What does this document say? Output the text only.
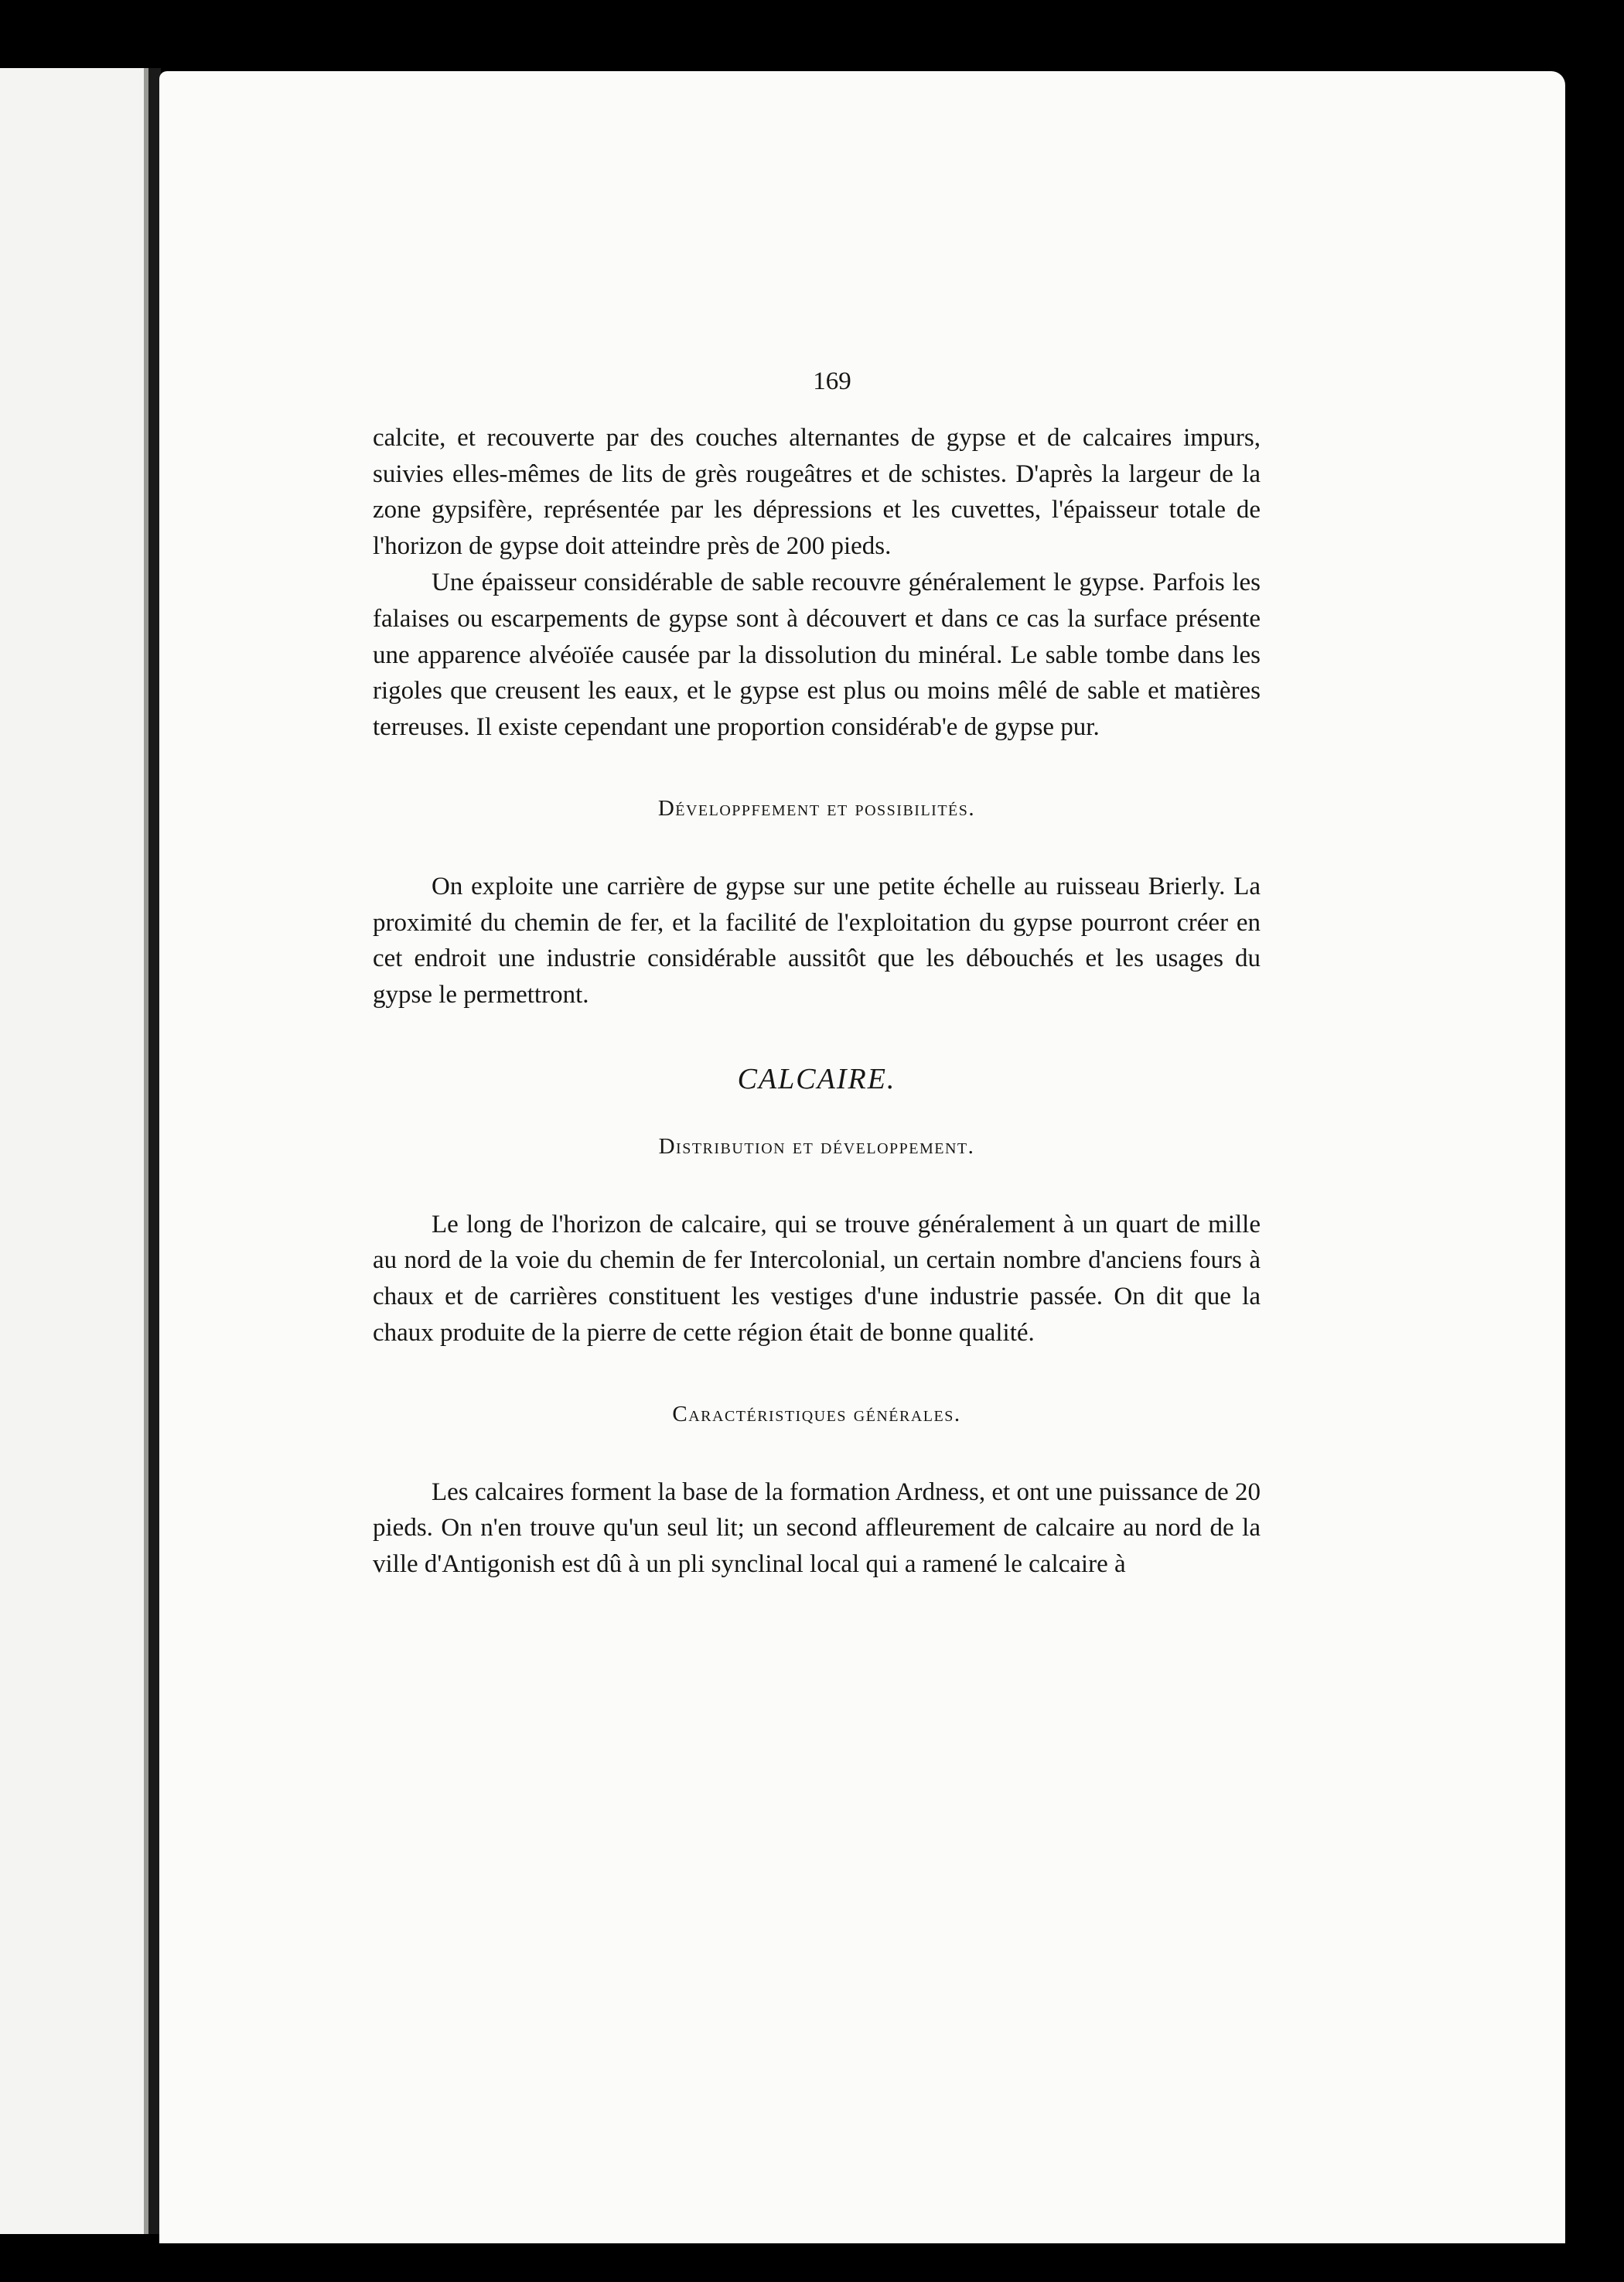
169

calcite, et recouverte par des couches alternantes de gypse et de calcaires impurs, suivies elles-mêmes de lits de grès rougeâtres et de schistes. D'après la largeur de la zone gypsifère, représentée par les dépressions et les cuvettes, l'épaisseur totale de l'horizon de gypse doit atteindre près de 200 pieds.

Une épaisseur considérable de sable recouvre généralement le gypse. Parfois les falaises ou escarpements de gypse sont à découvert et dans ce cas la surface présente une apparence alvéoïée causée par la dissolution du minéral. Le sable tombe dans les rigoles que creusent les eaux, et le gypse est plus ou moins mêlé de sable et matières terreuses. Il existe cependant une proportion considérab'e de gypse pur.

Développfement et possibilités.

On exploite une carrière de gypse sur une petite échelle au ruisseau Brierly. La proximité du chemin de fer, et la facilité de l'exploitation du gypse pourront créer en cet endroit une industrie considérable aussitôt que les débouchés et les usages du gypse le permettront.

CALCAIRE.
Distribution et développement.

Le long de l'horizon de calcaire, qui se trouve généralement à un quart de mille au nord de la voie du chemin de fer Intercolonial, un certain nombre d'anciens fours à chaux et de carrières constituent les vestiges d'une industrie passée. On dit que la chaux produite de la pierre de cette région était de bonne qualité.

Caractéristiques générales.

Les calcaires forment la base de la formation Ardness, et ont une puissance de 20 pieds. On n'en trouve qu'un seul lit; un second affleurement de calcaire au nord de la ville d'Antigonish est dû à un pli synclinal local qui a ramené le calcaire à
